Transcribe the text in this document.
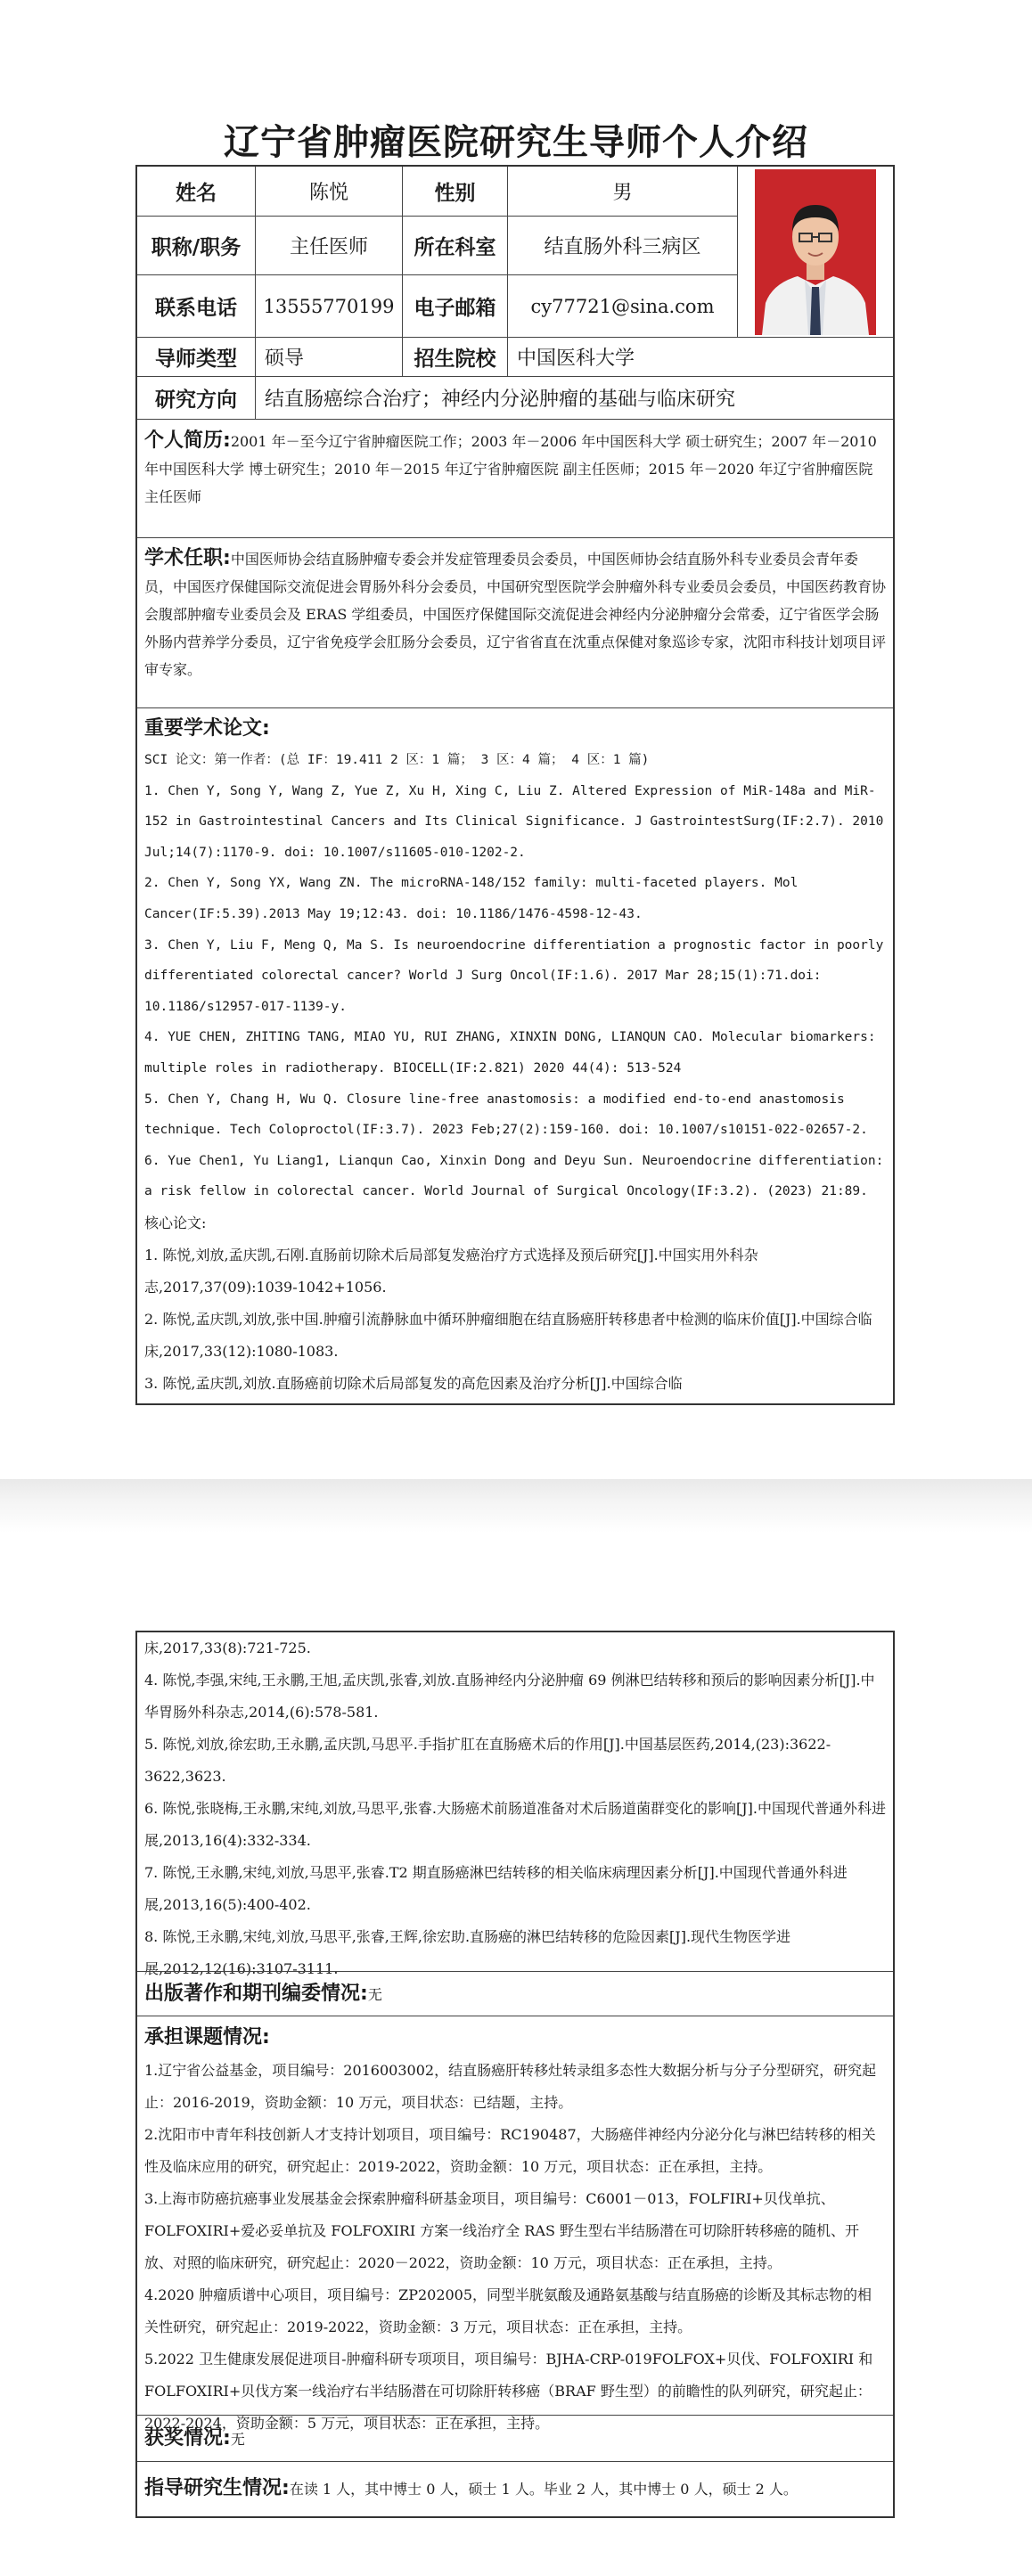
辽宁省肿瘤医院研究生导师个人介绍
姓名	陈悦	性别	男
职称/职务	主任医师	所在科室	结直肠外科三病区
联系电话	13555770199 电子邮箱	cy77721@sina.com
导师类型	硕导	招生院校	中国医科大学
研究方向	结直肠癌综合治疗；神经内分泌肿瘤的基础与临床研究
个人简历:2001 年－至今辽宁省肿瘤医院工作；2003 年－2006 年中国医科大学 硕士研究生；2007 年－2010 年中国医科大学 博士研究生；2010 年－2015 年辽宁省肿瘤医院 副主任医师；2015 年－2020 年辽宁省肿瘤医院主任医师
学术任职:中国医师协会结直肠肿瘤专委会并发症管理委员会委员，中国医师协会结直肠外科专业委员会青年委员，中国医疗保健国际交流促进会胃肠外科分会委员，中国研究型医院学会肿瘤外科专业委员会委员，中国医药教育协会腹部肿瘤专业委员会及 ERAS 学组委员，中国医疗保健国际交流促进会神经内分泌肿瘤分会常委，辽宁省医学会肠外肠内营养学分委员，辽宁省免疫学会肛肠分会委员，辽宁省省直在沈重点保健对象巡诊专家，沈阳市科技计划项目评审专家。
重要学术论文:
SCI 论文：第一作者：(总 IF：19.411 2 区：1 篇； 3 区：4 篇； 4 区：1 篇)
1. Chen Y, Song Y, Wang Z, Yue Z, Xu H, Xing C, Liu Z. Altered Expression of MiR-148a and MiR-152 in Gastrointestinal Cancers and Its Clinical Significance. J GastrointestSurg(IF:2.7). 2010 Jul;14(7):1170-9. doi: 10.1007/s11605-010-1202-2.
2. Chen Y, Song YX, Wang ZN. The microRNA-148/152 family: multi-faceted players. Mol Cancer(IF:5.39).2013 May 19;12:43. doi: 10.1186/1476-4598-12-43.
3. Chen Y, Liu F, Meng Q, Ma S. Is neuroendocrine differentiation a prognostic factor in poorly differentiated colorectal cancer? World J Surg Oncol(IF:1.6). 2017 Mar 28;15(1):71.doi: 10.1186/s12957-017-1139-y.
4. YUE CHEN, ZHITING TANG, MIAO YU, RUI ZHANG, XINXIN DONG, LIANQUN CAO. Molecular biomarkers: multiple roles in radiotherapy. BIOCELL(IF:2.821) 2020 44(4): 513-524
5. Chen Y, Chang H, Wu Q. Closure line-free anastomosis: a modified end-to-end anastomosis technique. Tech Coloproctol(IF:3.7). 2023 Feb;27(2):159-160. doi: 10.1007/s10151-022-02657-2.
6. Yue Chen1, Yu Liang1, Lianqun Cao, Xinxin Dong and Deyu Sun. Neuroendocrine differentiation: a risk fellow in colorectal cancer. World Journal of Surgical Oncology(IF:3.2). (2023) 21:89.
核心论文:
1. 陈悦,刘放,孟庆凯,石刚.直肠前切除术后局部复发癌治疗方式选择及预后研究[J].中国实用外科杂志,2017,37(09):1039-1042+1056.
2. 陈悦,孟庆凯,刘放,张中国.肿瘤引流静脉血中循环肿瘤细胞在结直肠癌肝转移患者中检测的临床价值[J].中国综合临床,2017,33(12):1080-1083.
3. 陈悦,孟庆凯,刘放.直肠癌前切除术后局部复发的高危因素及治疗分析[J].中国综合临
床,2017,33(8):721-725.
4. 陈悦,李强,宋纯,王永鹏,王旭,孟庆凯,张睿,刘放.直肠神经内分泌肿瘤 69 例淋巴结转移和预后的影响因素分析[J].中华胃肠外科杂志,2014,(6):578-581.
5. 陈悦,刘放,徐宏助,王永鹏,孟庆凯,马思平.手指扩肛在直肠癌术后的作用[J].中国基层医药,2014,(23):3622-3622,3623.
6. 陈悦,张晓梅,王永鹏,宋纯,刘放,马思平,张睿.大肠癌术前肠道准备对术后肠道菌群变化的影响[J].中国现代普通外科进展,2013,16(4):332-334.
7. 陈悦,王永鹏,宋纯,刘放,马思平,张睿.T2 期直肠癌淋巴结转移的相关临床病理因素分析[J].中国现代普通外科进展,2013,16(5):400-402.
8. 陈悦,王永鹏,宋纯,刘放,马思平,张睿,王辉,徐宏助.直肠癌的淋巴结转移的危险因素[J].现代生物医学进展,2012,12(16):3107-3111.
出版著作和期刊编委情况:无
承担课题情况:
1.辽宁省公益基金，项目编号：2016003002，结直肠癌肝转移灶转录组多态性大数据分析与分子分型研究，研究起止：2016-2019，资助金额：10 万元，项目状态：已结题，主持。
2.沈阳市中青年科技创新人才支持计划项目，项目编号：RC190487，大肠癌伴神经内分泌分化与淋巴结转移的相关性及临床应用的研究，研究起止：2019-2022，资助金额：10 万元，项目状态：正在承担，主持。
3.上海市防癌抗癌事业发展基金会探索肿瘤科研基金项目，项目编号：C6001－013，FOLFIRI+贝伐单抗、FOLFOXIRI+爱必妥单抗及 FOLFOXIRI 方案一线治疗全 RAS 野生型右半结肠潜在可切除肝转移癌的随机、开放、对照的临床研究，研究起止：2020－2022，资助金额：10 万元，项目状态：正在承担，主持。
4.2020 肿瘤质谱中心项目，项目编号：ZP202005，同型半胱氨酸及通路氨基酸与结直肠癌的诊断及其标志物的相关性研究，研究起止：2019-2022，资助金额：3 万元，项目状态：正在承担，主持。
5.2022 卫生健康发展促进项目-肿瘤科研专项项目，项目编号：BJHA-CRP-019FOLFOX+贝伐、FOLFOXIRI 和 FOLFOXIRI+贝伐方案一线治疗右半结肠潜在可切除肝转移癌（BRAF 野生型）的前瞻性的队列研究，研究起止：2022-2024，资助金额：5 万元，项目状态：正在承担，主持。
获奖情况:无
指导研究生情况:在读 1 人，其中博士 0 人，硕士 1 人。毕业 2 人，其中博士 0 人，硕士 2 人。
